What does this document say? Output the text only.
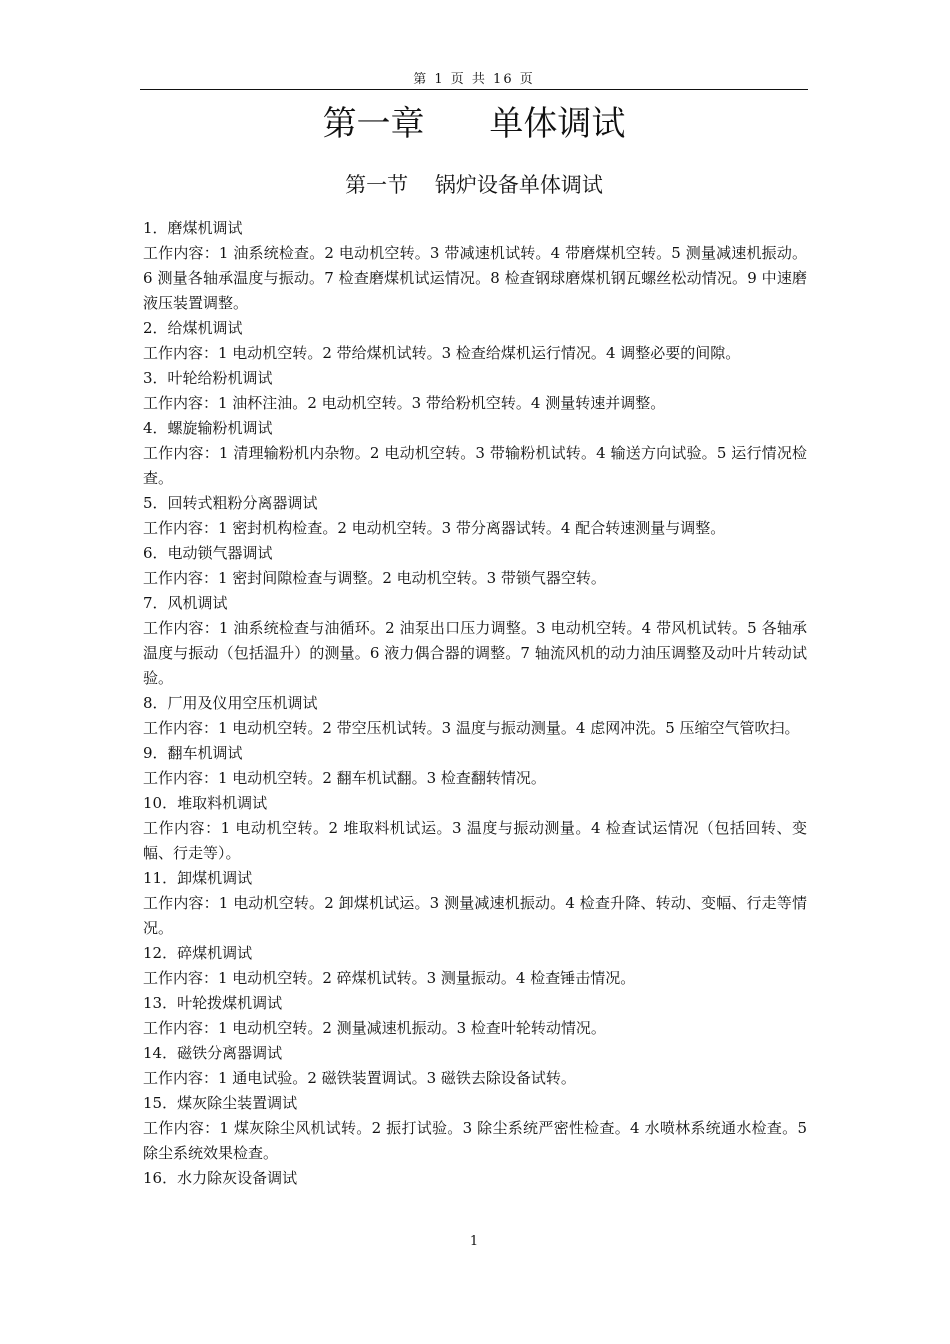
第 1 页 共 16 页
第一章      单体调试
第一节    锅炉设备单体调试

1．磨煤机调试

工作内容：1 油系统检查。2 电动机空转。3 带减速机试转。4 带磨煤机空转。5 测量减速机振动。6 测量各轴承温度与振动。7 检查磨煤机试运情况。8 检查钢球磨煤机钢瓦螺丝松动情况。9 中速磨液压装置调整。

2．给煤机调试

工作内容：1 电动机空转。2 带给煤机试转。3 检查给煤机运行情况。4 调整必要的间隙。

3．叶轮给粉机调试

工作内容：1 油杯注油。2 电动机空转。3 带给粉机空转。4 测量转速并调整。

4．螺旋输粉机调试

工作内容：1 清理输粉机内杂物。2 电动机空转。3 带输粉机试转。4 输送方向试验。5 运行情况检查。

5．回转式粗粉分离器调试

工作内容：1 密封机构检查。2 电动机空转。3 带分离器试转。4 配合转速测量与调整。

6．电动锁气器调试

工作内容：1 密封间隙检查与调整。2 电动机空转。3 带锁气器空转。

7．风机调试

工作内容：1 油系统检查与油循环。2 油泵出口压力调整。3 电动机空转。4 带风机试转。5 各轴承温度与振动（包括温升）的测量。6 液力偶合器的调整。7 轴流风机的动力油压调整及动叶片转动试验。

8．厂用及仪用空压机调试

工作内容：1 电动机空转。2 带空压机试转。3 温度与振动测量。4 虑网冲洗。5 压缩空气管吹扫。

9．翻车机调试

工作内容：1 电动机空转。2 翻车机试翻。3 检查翻转情况。

10．堆取料机调试

工作内容：1 电动机空转。2 堆取料机试运。3 温度与振动测量。4 检查试运情况（包括回转、变幅、行走等）。

11．卸煤机调试

工作内容：1 电动机空转。2 卸煤机试运。3 测量减速机振动。4 检查升降、转动、变幅、行走等情况。

12．碎煤机调试

工作内容：1 电动机空转。2 碎煤机试转。3 测量振动。4 检查锤击情况。

13．叶轮拨煤机调试

工作内容：1 电动机空转。2 测量减速机振动。3 检查叶轮转动情况。

14．磁铁分离器调试

工作内容：1 通电试验。2 磁铁装置调试。3 磁铁去除设备试转。

15．煤灰除尘装置调试

工作内容：1 煤灰除尘风机试转。2 振打试验。3 除尘系统严密性检查。4 水喷林系统通水检查。5 除尘系统效果检查。

16．水力除灰设备调试

1
